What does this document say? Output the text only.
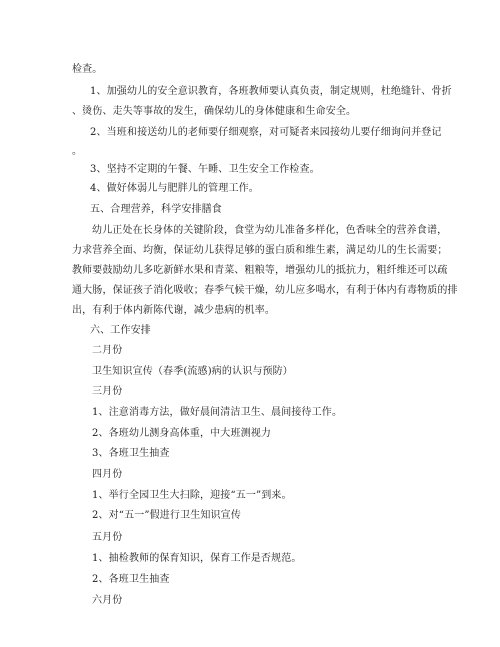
检查。
1、加强幼儿的安全意识教育，各班教师要认真负责，制定规则，杜绝缝针、骨折
、烫伤、走失等事故的发生，确保幼儿的身体健康和生命安全。
2、当班和接送幼儿的老师要仔细观察，对可疑者来园接幼儿要仔细询问并登记
。
3、坚持不定期的午餐、午睡、卫生安全工作检查。
4、做好体弱儿与肥胖儿的管理工作。
五、合理营养，科学安排膳食
幼儿正处在长身体的关键阶段，食堂为幼儿准备多样化，色香味全的营养食谱，
力求营养全面、均衡，保证幼儿获得足够的蛋白质和维生素，满足幼儿的生长需要；
教师要鼓励幼儿多吃新鲜水果和青菜、粗粮等，增强幼儿的抵抗力，粗纤维还可以疏
通大肠，保证孩子消化吸收；春季气候干燥，幼儿应多喝水，有利于体内有毒物质的排
出，有利于体内新陈代谢，减少患病的机率。
六、工作安排
二月份
卫生知识宣传（春季(流感)病的认识与预防）
三月份
1、注意消毒方法，做好晨间清洁卫生、晨间接待工作。
2、各班幼儿测身高体重，中大班测视力
3、各班卫生抽查
四月份
1、举行全园卫生大扫除，迎接“五一”到来。
2、对“五一”假进行卫生知识宣传
五月份
1、抽检教师的保育知识，保育工作是否规范。
2、各班卫生抽查
六月份
